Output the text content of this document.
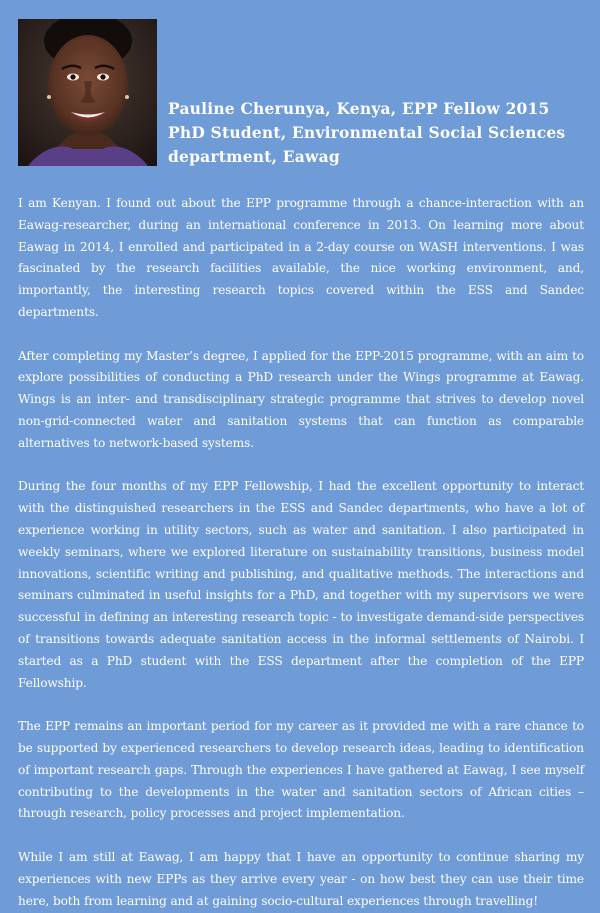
Pauline Cherunya, Kenya, EPP Fellow 2015
PhD Student, Environmental Social Sciences
department, Eawag

I am Kenyan. I found out about the EPP programme through a chance-interaction with an Eawag-researcher, during an international conference in 2013. On learning more about Eawag in 2014, I enrolled and participated in a 2-day course on WASH interventions. I was fascinated by the research facilities available, the nice working environment, and, importantly, the interesting research topics covered within the ESS and Sandec departments.

After completing my Master’s degree, I applied for the EPP-2015 programme, with an aim to explore possibilities of conducting a PhD research under the Wings programme at Eawag. Wings is an inter- and transdisciplinary strategic programme that strives to develop novel non-grid-connected water and sanitation systems that can function as comparable alternatives to network-based systems.

During the four months of my EPP Fellowship, I had the excellent opportunity to interact with the distinguished researchers in the ESS and Sandec departments, who have a lot of experience working in utility sectors, such as water and sanitation. I also participated in weekly seminars, where we explored literature on sustainability transitions, business model innovations, scientific writing and publishing, and qualitative methods. The interactions and seminars culminated in useful insights for a PhD, and together with my supervisors we were successful in defining an interesting research topic - to investigate demand-side perspectives of transitions towards adequate sanitation access in the informal settlements of Nairobi. I started as a PhD student with the ESS department after the completion of the EPP Fellowship.

The EPP remains an important period for my career as it provided me with a rare chance to be supported by experienced researchers to develop research ideas, leading to identification of important research gaps. Through the experiences I have gathered at Eawag, I see myself contributing to the developments in the water and sanitation sectors of African cities – through research, policy processes and project implementation.

While I am still at Eawag, I am happy that I have an opportunity to continue sharing my experiences with new EPPs as they arrive every year - on how best they can use their time here, both from learning and at gaining socio-cultural experiences through travelling!
